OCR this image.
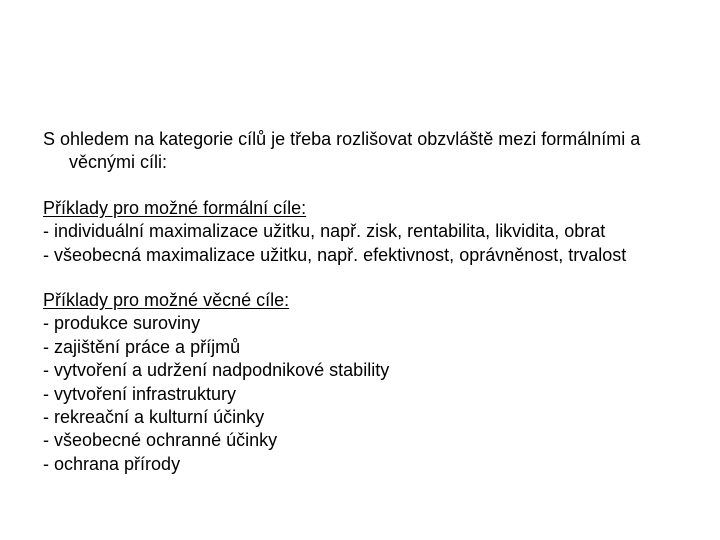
S ohledem na kategorie cílů je třeba rozlišovat obzvláště mezi formálními a věcnými cíli:

Příklady pro možné formální cíle:

- individuální maximalizace užitku, např. zisk, rentabilita, likvidita, obrat
- všeobecná maximalizace užitku, např. efektivnost, oprávněnost, trvalost

Příklady pro možné věcné cíle:

- produkce suroviny
- zajištění práce a příjmů
- vytvoření a udržení nadpodnikové stability
- vytvoření infrastruktury
- rekreační a kulturní účinky
- všeobecné ochranné účinky
- ochrana přírody
